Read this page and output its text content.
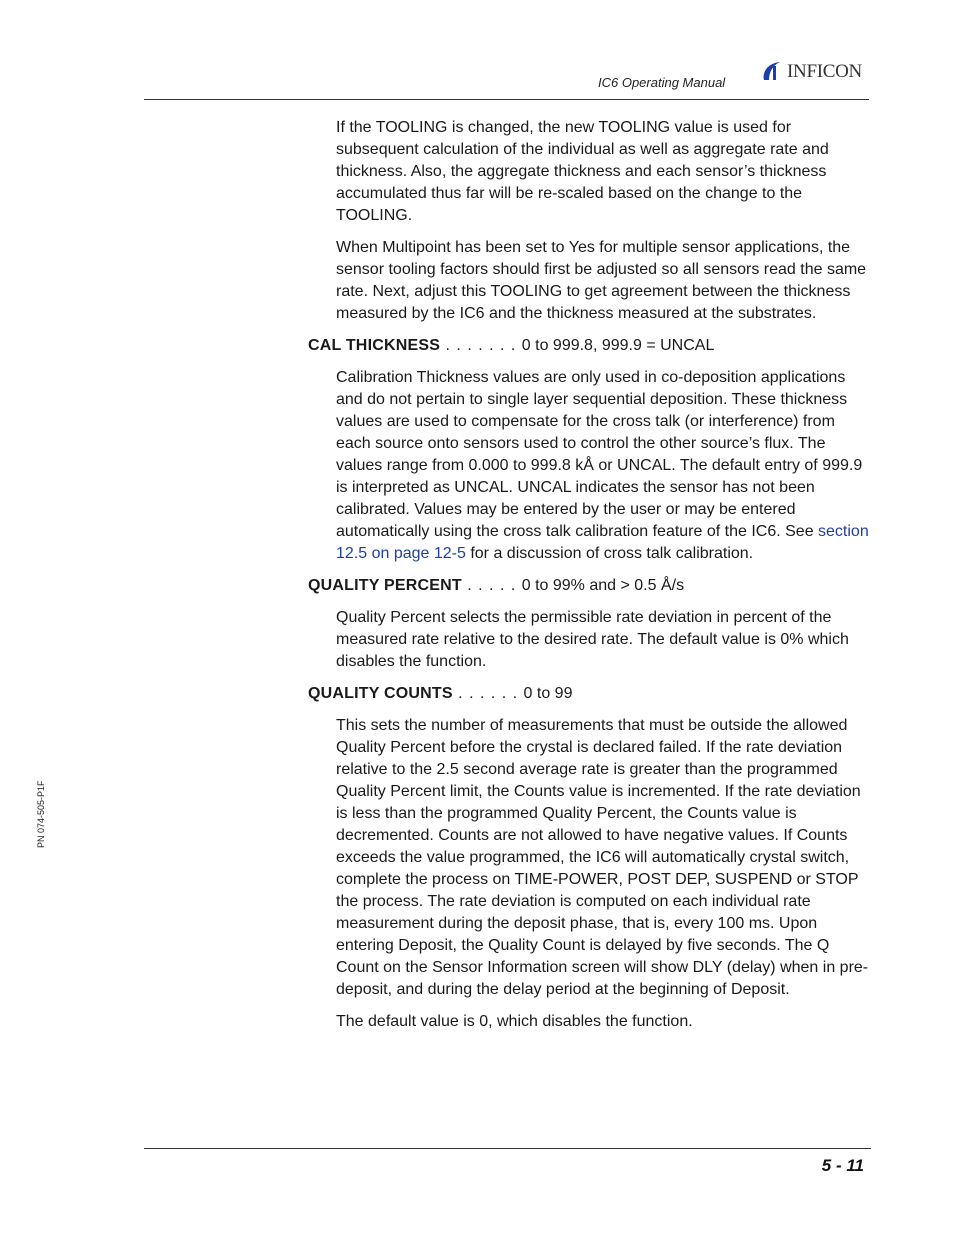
IC6 Operating Manual
INFICON
PN 074-505-P1F

If the TOOLING is changed, the new TOOLING value is used for subsequent calculation of the individual as well as aggregate rate and thickness. Also, the aggregate thickness and each sensor’s thickness accumulated thus far will be re-scaled based on the change to the TOOLING.

When Multipoint has been set to Yes for multiple sensor applications, the sensor tooling factors should first be adjusted so all sensors read the same rate. Next, adjust this TOOLING to get agreement between the thickness measured by the IC6 and the thickness measured at the substrates.

CAL THICKNESS . . . . . . . 0 to 999.8, 999.9 = UNCAL

Calibration Thickness values are only used in co-deposition applications and do not pertain to single layer sequential deposition. These thickness values are used to compensate for the cross talk (or interference) from each source onto sensors used to control the other source’s flux. The values range from 0.000 to 999.8 kÅ or UNCAL. The default entry of 999.9 is interpreted as UNCAL. UNCAL indicates the sensor has not been calibrated. Values may be entered by the user or may be entered automatically using the cross talk calibration feature of the IC6. See section 12.5 on page 12-5 for a discussion of cross talk calibration.

QUALITY PERCENT . . . . . 0 to 99% and > 0.5 Å/s

Quality Percent selects the permissible rate deviation in percent of the measured rate relative to the desired rate. The default value is 0% which disables the function.

QUALITY COUNTS . . . . . . 0 to 99

This sets the number of measurements that must be outside the allowed Quality Percent before the crystal is declared failed. If the rate deviation relative to the 2.5 second average rate is greater than the programmed Quality Percent limit, the Counts value is incremented. If the rate deviation is less than the programmed Quality Percent, the Counts value is decremented. Counts are not allowed to have negative values. If Counts exceeds the value programmed, the IC6 will automatically crystal switch, complete the process on TIME-POWER, POST DEP, SUSPEND or STOP the process. The rate deviation is computed on each individual rate measurement during the deposit phase, that is, every 100 ms. Upon entering Deposit, the Quality Count is delayed by five seconds. The Q Count on the Sensor Information screen will show DLY (delay) when in pre-deposit, and during the delay period at the beginning of Deposit.

The default value is 0, which disables the function.

5 - 11
